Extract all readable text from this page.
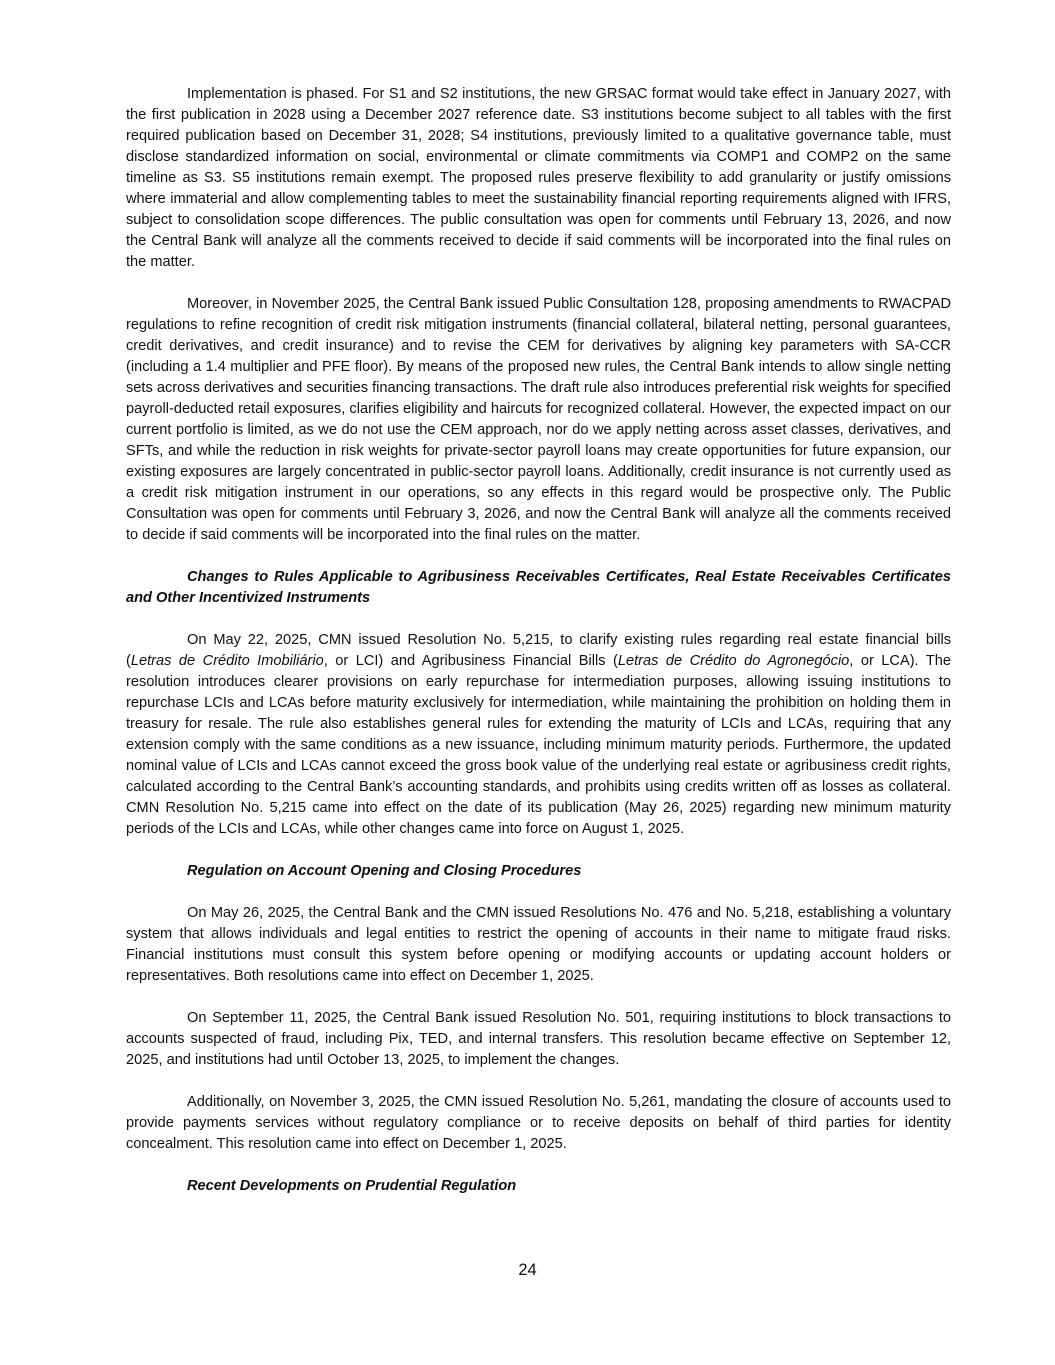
Implementation is phased. For S1 and S2 institutions, the new GRSAC format would take effect in January 2027, with the first publication in 2028 using a December 2027 reference date. S3 institutions become subject to all tables with the first required publication based on December 31, 2028; S4 institutions, previously limited to a qualitative governance table, must disclose standardized information on social, environmental or climate commitments via COMP1 and COMP2 on the same timeline as S3. S5 institutions remain exempt. The proposed rules preserve flexibility to add granularity or justify omissions where immaterial and allow complementing tables to meet the sustainability financial reporting requirements aligned with IFRS, subject to consolidation scope differences. The public consultation was open for comments until February 13, 2026, and now the Central Bank will analyze all the comments received to decide if said comments will be incorporated into the final rules on the matter.

Moreover, in November 2025, the Central Bank issued Public Consultation 128, proposing amendments to RWACPAD regulations to refine recognition of credit risk mitigation instruments (financial collateral, bilateral netting, personal guarantees, credit derivatives, and credit insurance) and to revise the CEM for derivatives by aligning key parameters with SA-CCR (including a 1.4 multiplier and PFE floor). By means of the proposed new rules, the Central Bank intends to allow single netting sets across derivatives and securities financing transactions. The draft rule also introduces preferential risk weights for specified payroll-deducted retail exposures, clarifies eligibility and haircuts for recognized collateral. However, the expected impact on our current portfolio is limited, as we do not use the CEM approach, nor do we apply netting across asset classes, derivatives, and SFTs, and while the reduction in risk weights for private-sector payroll loans may create opportunities for future expansion, our existing exposures are largely concentrated in public-sector payroll loans. Additionally, credit insurance is not currently used as a credit risk mitigation instrument in our operations, so any effects in this regard would be prospective only. The Public Consultation was open for comments until February 3, 2026, and now the Central Bank will analyze all the comments received to decide if said comments will be incorporated into the final rules on the matter.

Changes to Rules Applicable to Agribusiness Receivables Certificates, Real Estate Receivables Certificates and Other Incentivized Instruments

On May 22, 2025, CMN issued Resolution No. 5,215, to clarify existing rules regarding real estate financial bills (Letras de Crédito Imobiliário, or LCI) and Agribusiness Financial Bills (Letras de Crédito do Agronegócio, or LCA). The resolution introduces clearer provisions on early repurchase for intermediation purposes, allowing issuing institutions to repurchase LCIs and LCAs before maturity exclusively for intermediation, while maintaining the prohibition on holding them in treasury for resale. The rule also establishes general rules for extending the maturity of LCIs and LCAs, requiring that any extension comply with the same conditions as a new issuance, including minimum maturity periods. Furthermore, the updated nominal value of LCIs and LCAs cannot exceed the gross book value of the underlying real estate or agribusiness credit rights, calculated according to the Central Bank’s accounting standards, and prohibits using credits written off as losses as collateral. CMN Resolution No. 5,215 came into effect on the date of its publication (May 26, 2025) regarding new minimum maturity periods of the LCIs and LCAs, while other changes came into force on August 1, 2025.

Regulation on Account Opening and Closing Procedures

On May 26, 2025, the Central Bank and the CMN issued Resolutions No. 476 and No. 5,218, establishing a voluntary system that allows individuals and legal entities to restrict the opening of accounts in their name to mitigate fraud risks. Financial institutions must consult this system before opening or modifying accounts or updating account holders or representatives. Both resolutions came into effect on December 1, 2025.

On September 11, 2025, the Central Bank issued Resolution No. 501, requiring institutions to block transactions to accounts suspected of fraud, including Pix, TED, and internal transfers. This resolution became effective on September 12, 2025, and institutions had until October 13, 2025, to implement the changes.

Additionally, on November 3, 2025, the CMN issued Resolution No. 5,261, mandating the closure of accounts used to provide payments services without regulatory compliance or to receive deposits on behalf of third parties for identity concealment. This resolution came into effect on December 1, 2025.

Recent Developments on Prudential Regulation

24
